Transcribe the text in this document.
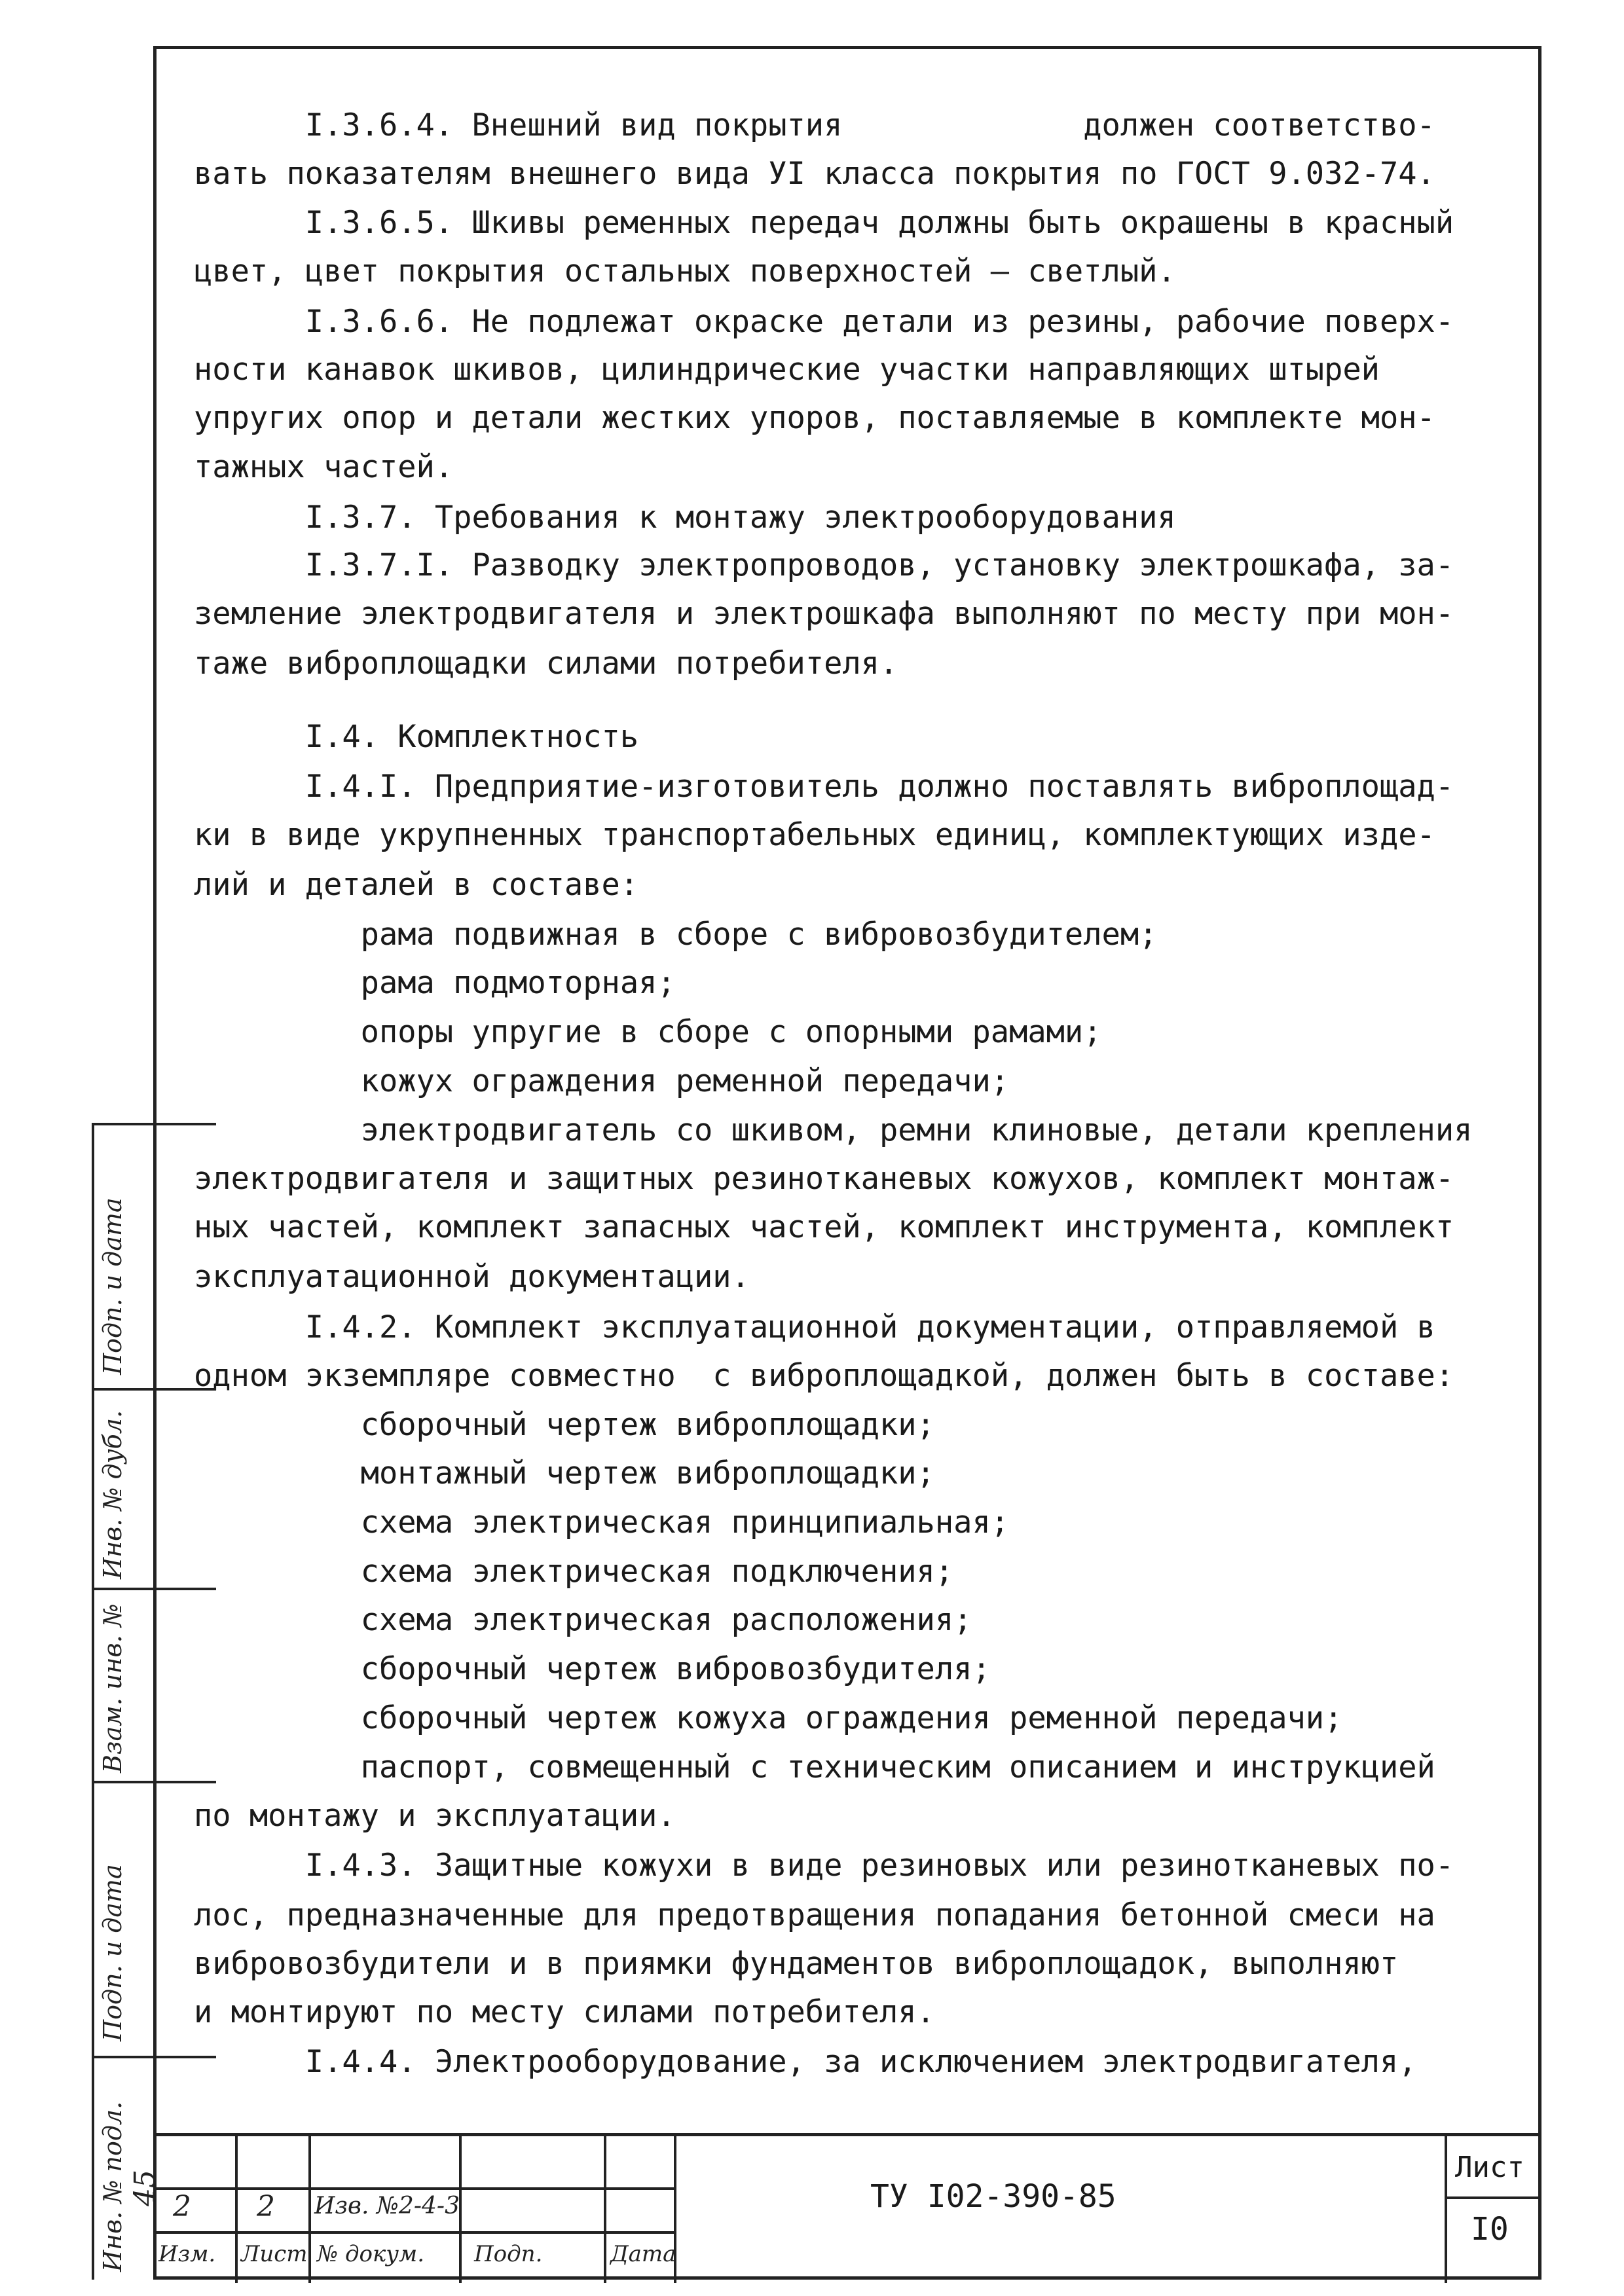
I.3.6.4. Внешний вид покрытия             должен соответство-
вать показателям внешнего вида УI класса покрытия по ГОСТ 9.032-74.
I.3.6.5. Шкивы ременных передач должны быть окрашены в красный
цвет, цвет покрытия остальных поверхностей – светлый.
I.3.6.6. Не подлежат окраске детали из резины, рабочие поверх-
ности канавок шкивов, цилиндрические участки направляющих штырей
упругих опор и детали жестких упоров, поставляемые в комплекте мон-
тажных частей.
I.3.7. Требования к монтажу электрооборудования
I.3.7.I. Разводку электропроводов, установку электрошкафа, за-
земление электродвигателя и электрошкафа выполняют по месту при мон-
таже виброплощадки силами потребителя.
I.4. Комплектность
I.4.I. Предприятие-изготовитель должно поставлять виброплощад-
ки в виде укрупненных транспортабельных единиц, комплектующих изде-
лий и деталей в составе:
рама подвижная в сборе с вибровозбудителем;
рама подмоторная;
опоры упругие в сборе с опорными рамами;
кожух ограждения ременной передачи;
электродвигатель со шкивом, ремни клиновые, детали крепления
электродвигателя и защитных резинотканевых кожухов, комплект монтаж-
ных частей, комплект запасных частей, комплект инструмента, комплект
эксплуатационной документации.
I.4.2. Комплект эксплуатационной документации, отправляемой в
одном экземпляре совместно  с виброплощадкой, должен быть в составе:
сборочный чертеж виброплощадки;
монтажный чертеж виброплощадки;
схема электрическая принципиальная;
схема электрическая подключения;
схема электрическая расположения;
сборочный чертеж вибровозбудителя;
сборочный чертеж кожуха ограждения ременной передачи;
паспорт, совмещенный с техническим описанием и инструкцией
по монтажу и эксплуатации.
I.4.3. Защитные кожухи в виде резиновых или резинотканевых по-
лос, предназначенные для предотвращения попадания бетонной смеси на
вибровозбудители и в приямки фундаментов виброплощадок, выполняют
и монтируют по месту силами потребителя.
I.4.4. Электрооборудование, за исключением электродвигателя,
Инв. № подл.
Подп. и дата
Взам. инв. №
Инв. № дубл.
Подп. и дата
45
2 2 Изв. №2-4-3
Изм. Лист № докум. Подп.	Дата
ТУ I02-390-85
Лист
I0
